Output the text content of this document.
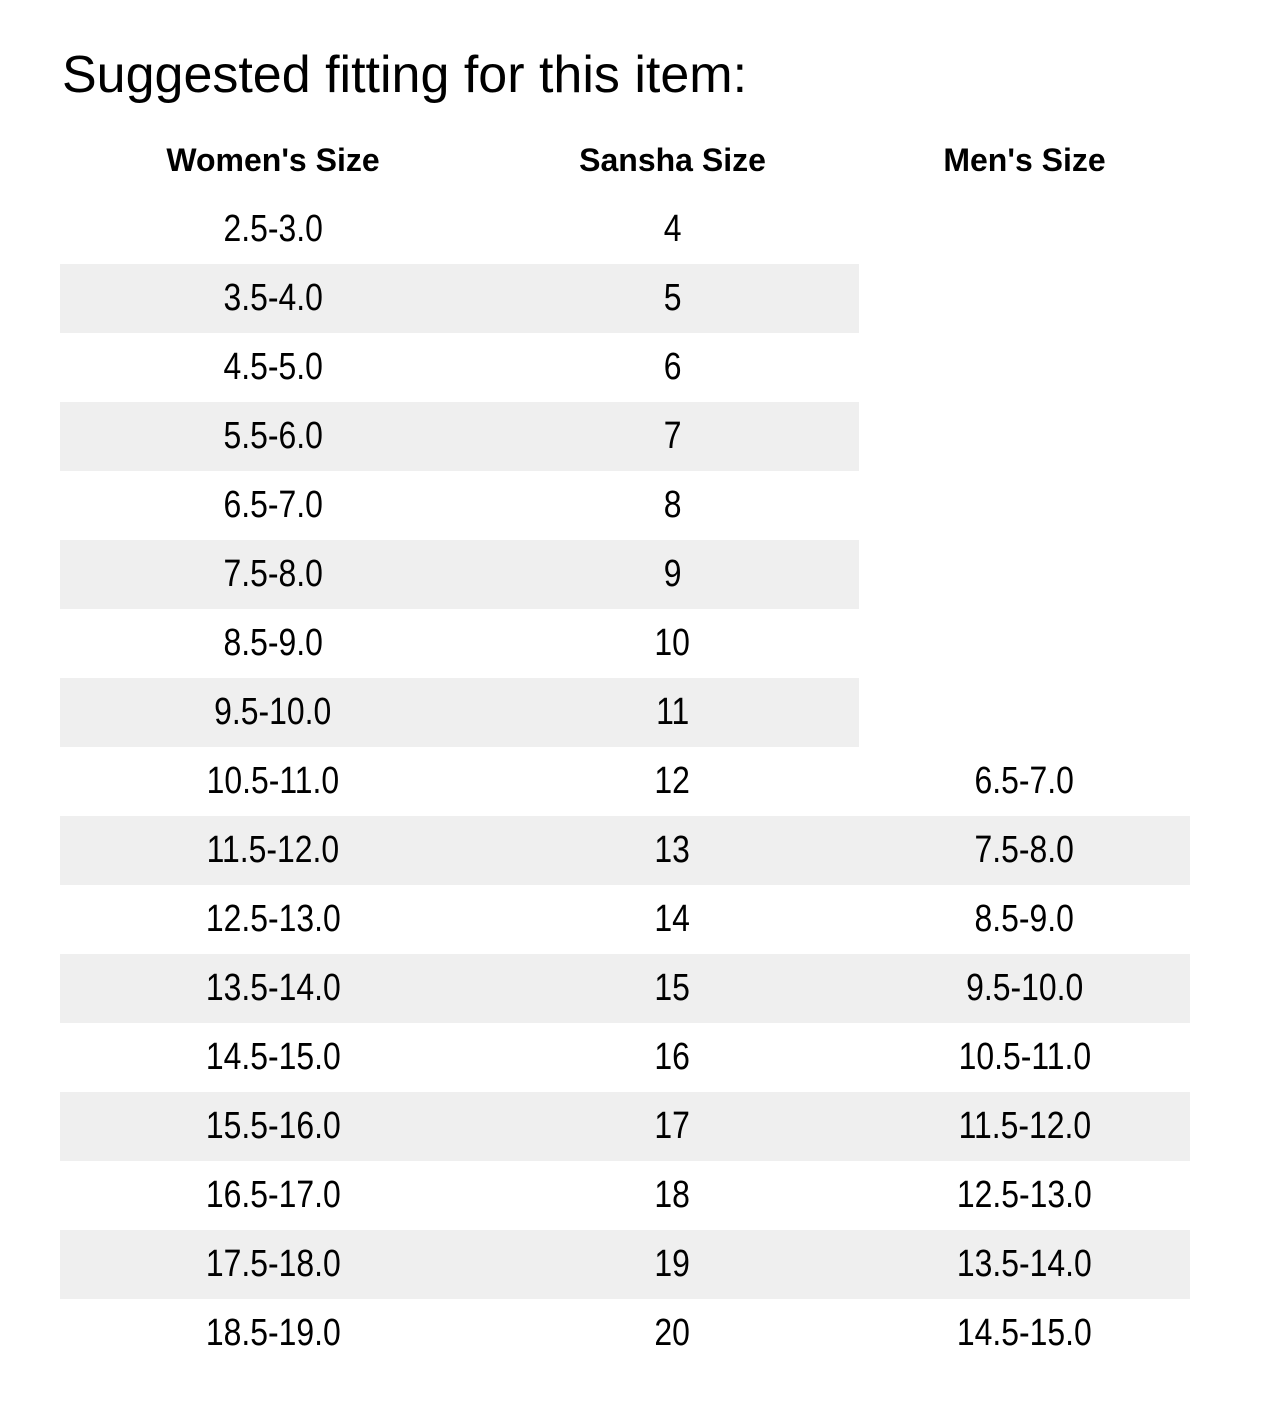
Suggested fitting for this item:
Women's Size	Sansha Size	Men's Size
2.5-3.0	4
3.5-4.0	5
4.5-5.0	6
5.5-6.0	7
6.5-7.0	8
7.5-8.0	9
8.5-9.0	10
9.5-10.0	11
10.5-11.0	12	6.5-7.0
11.5-12.0	13	7.5-8.0
12.5-13.0	14	8.5-9.0
13.5-14.0	15	9.5-10.0
14.5-15.0	16	10.5-11.0
15.5-16.0	17	11.5-12.0
16.5-17.0	18	12.5-13.0
17.5-18.0	19	13.5-14.0
18.5-19.0	20	14.5-15.0
